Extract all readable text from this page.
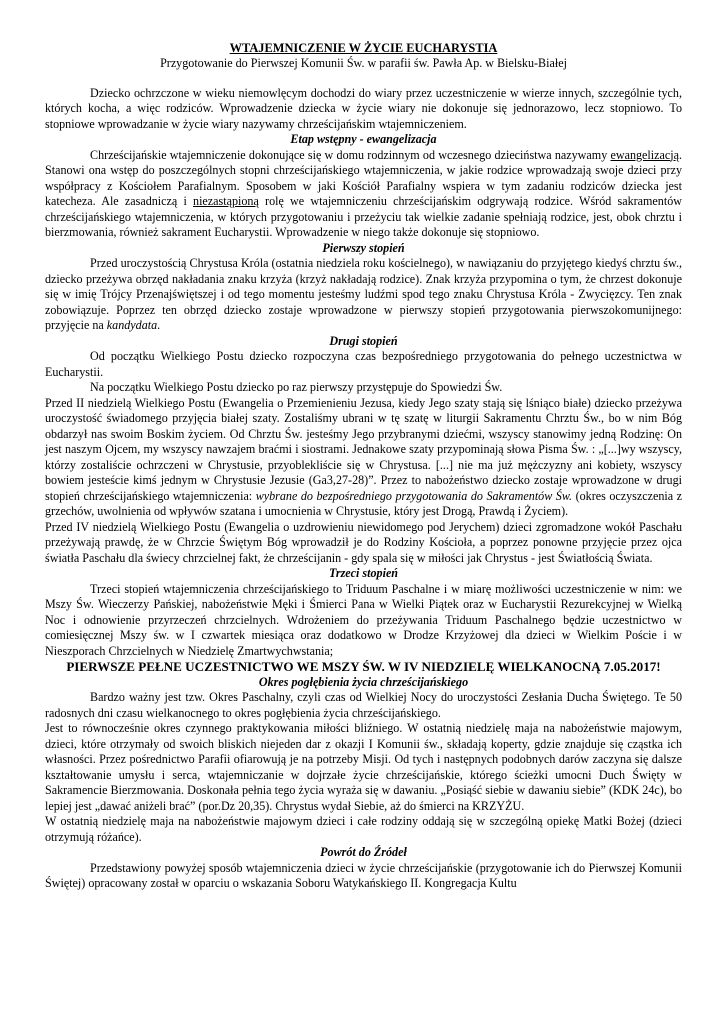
WTAJEMNICZENIE W ŻYCIE EUCHARYSTIA
Przygotowanie do Pierwszej Komunii Św. w parafii św. Pawła Ap. w Bielsku-Białej

Dziecko ochrzczone w wieku niemowlęcym dochodzi do wiary przez uczestniczenie w wierze innych, szczególnie tych, których kocha, a więc rodziców. Wprowadzenie dziecka w życie wiary nie dokonuje się jednorazowo, lecz stopniowo. To stopniowe wprowadzanie w życie wiary nazywamy chrześcijańskim wtajemniczeniem.

Etap wstępny - ewangelizacja

Chrześcijańskie wtajemniczenie dokonujące się w domu rodzinnym od wczesnego dzieciństwa nazywamy ewangelizacją. Stanowi ona wstęp do poszczególnych stopni chrześcijańskiego wtajemniczenia, w jakie rodzice wprowadzają swoje dzieci przy współpracy z Kościołem Parafialnym. Sposobem w jaki Kościół Parafialny wspiera w tym zadaniu rodziców dziecka jest katecheza. Ale zasadniczą i niezastąpioną rolę we wtajemniczeniu chrześcijańskim odgrywają rodzice. Wśród sakramentów chrześcijańskiego wtajemniczenia, w których przygotowaniu i przeżyciu tak wielkie zadanie spełniają rodzice, jest, obok chrztu i bierzmowania, również sakrament Eucharystii. Wprowadzenie w niego także dokonuje się stopniowo.

Pierwszy stopień

Przed uroczystością Chrystusa Króla (ostatnia niedziela roku kościelnego), w nawiązaniu do przyjętego kiedyś chrztu św., dziecko przeżywa obrzęd nakładania znaku krzyża (krzyż nakładają rodzice). Znak krzyża przypomina o tym, że chrzest dokonuje się w imię Trójcy Przenajświętszej i od tego momentu jesteśmy ludźmi spod tego znaku Chrystusa Króla - Zwycięzcy. Ten znak zobowiązuje. Poprzez ten obrzęd dziecko zostaje wprowadzone w pierwszy stopień przygotowania pierwszokomunijnego: przyjęcie na kandydata.

Drugi stopień

Od początku Wielkiego Postu dziecko rozpoczyna czas bezpośredniego przygotowania do pełnego uczestnictwa w Eucharystii.

Na początku Wielkiego Postu dziecko po raz pierwszy przystępuje do Spowiedzi Św.

Przed II niedzielą Wielkiego Postu (Ewangelia o Przemienieniu Jezusa, kiedy Jego szaty stają się lśniąco białe) dziecko przeżywa uroczystość świadomego przyjęcia białej szaty. Zostaliśmy ubrani w tę szatę w liturgii Sakramentu Chrztu Św., bo w nim Bóg obdarzył nas swoim Boskim życiem. Od Chrztu Św. jesteśmy Jego przybranymi dziećmi, wszyscy stanowimy jedną Rodzinę: On jest naszym Ojcem, my wszyscy nawzajem braćmi i siostrami. Jednakowe szaty przypominają słowa Pisma Św. : „[...]wy wszyscy, którzy zostaliście ochrzczeni w Chrystusie, przyoblekliście się w Chrystusa. [...] nie ma już mężczyzny ani kobiety, wszyscy bowiem jesteście kimś jednym w Chrystusie Jezusie (Ga3,27-28)”. Przez to nabożeństwo dziecko zostaje wprowadzone w drugi stopień chrześcijańskiego wtajemniczenia: wybrane do bezpośredniego przygotowania do Sakramentów Św. (okres oczyszczenia z grzechów, uwolnienia od wpływów szatana i umocnienia w Chrystusie, który jest Drogą, Prawdą i Życiem).

Przed IV niedzielą Wielkiego Postu (Ewangelia o uzdrowieniu niewidomego pod Jerychem) dzieci zgromadzone wokół Paschału przeżywają prawdę, że w Chrzcie Świętym Bóg wprowadził je do Rodziny Kościoła, a poprzez ponowne przyjęcie przez ojca światła Paschału dla świecy chrzcielnej fakt, że chrześcijanin - gdy spala się w miłości jak Chrystus - jest Światłością Świata.

Trzeci stopień

Trzeci stopień wtajemniczenia chrześcijańskiego to Triduum Paschalne i w miarę możliwości uczestniczenie w nim: we Mszy Św. Wieczerzy Pańskiej, nabożeństwie Męki i Śmierci Pana w Wielki Piątek oraz w Eucharystii Rezurekcyjnej w Wielką Noc i odnowienie przyrzeczeń chrzcielnych. Wdrożeniem do przeżywania Triduum Paschalnego będzie uczestnictwo w comiesięcznej Mszy św. w I czwartek miesiąca oraz dodatkowo w Drodze Krzyżowej dla dzieci w Wielkim Poście i w Nieszporach Chrzcielnych w Niedzielę Zmartwychwstania;

PIERWSZE PEŁNE UCZESTNICTWO WE MSZY ŚW. W IV NIEDZIELĘ WIELKANOCNĄ 7.05.2017!
Okres pogłębienia życia chrześcijańskiego

Bardzo ważny jest tzw. Okres Paschalny, czyli czas od Wielkiej Nocy do uroczystości Zesłania Ducha Świętego. Te 50 radosnych dni czasu wielkanocnego to okres pogłębienia życia chrześcijańskiego.

Jest to równocześnie okres czynnego praktykowania miłości bliźniego. W ostatnią niedzielę maja na nabożeństwie majowym, dzieci, które otrzymały od swoich bliskich niejeden dar z okazji I Komunii św., składają koperty, gdzie znajduje się cząstka ich własności. Przez pośrednictwo Parafii ofiarowują je na potrzeby Misji. Od tych i następnych podobnych darów zaczyna się dalsze kształtowanie umysłu i serca, wtajemniczanie w dojrzałe życie chrześcijańskie, którego ścieżki umocni Duch Święty w Sakramencie Bierzmowania. Doskonała pełnia tego życia wyraża się w dawaniu. „Posiąść siebie w dawaniu siebie” (KDK 24c), bo lepiej jest „dawać aniżeli brać” (por.Dz 20,35). Chrystus wydał Siebie, aż do śmierci na KRZYŻU.

W ostatnią niedzielę maja na nabożeństwie majowym dzieci i całe rodziny oddają się w szczególną opiekę Matki Bożej (dzieci otrzymują różańce).

Powrót do Źródeł

Przedstawiony powyżej sposób wtajemniczenia dzieci w życie chrześcijańskie (przygotowanie ich do Pierwszej Komunii Świętej) opracowany został w oparciu o wskazania Soboru Watykańskiego II. Kongregacja Kultu
